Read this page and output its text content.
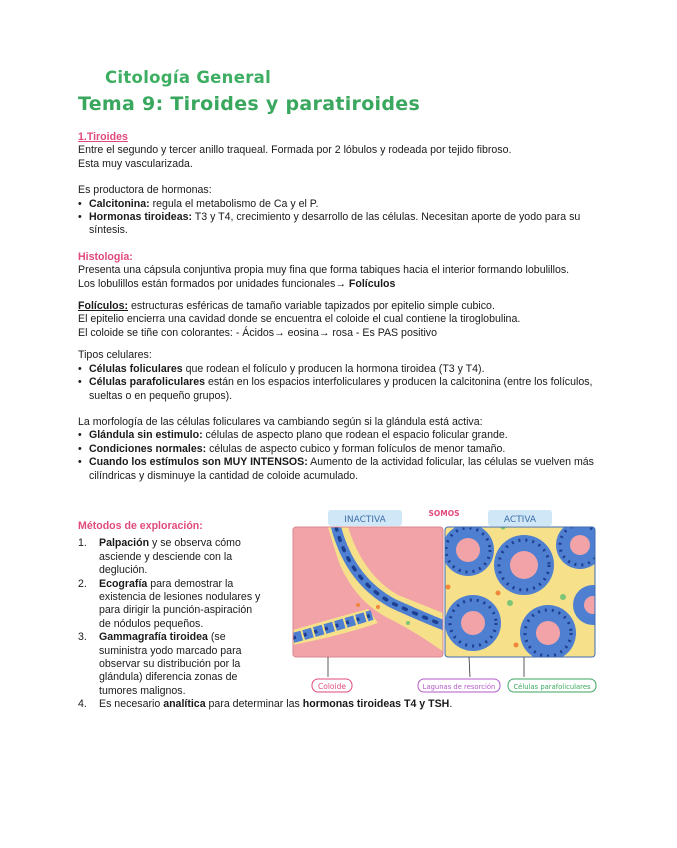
Citología General
Tema 9: Tiroides y paratiroides

1.Tiroides

Entre el segundo y tercer anillo traqueal. Formada por 2 lóbulos y rodeada por tejido fibroso.

Esta muy vascularizada.

Es productora de hormonas:

• Calcitonina: regula el metabolismo de Ca y el P.
• Hormonas tiroideas: T3 y T4, crecimiento y desarrollo de las células. Necesitan aporte de yodo para su síntesis.

Histología:

Presenta una cápsula conjuntiva propia muy fina que forma tabiques hacia el interior formando lobulillos.

Los lobulillos están formados por unidades funcionales→ Folículos

Folículos: estructuras esféricas de tamaño variable tapizados por epitelio simple cubico.

El epitelio encierra una cavidad donde se encuentra el coloide el cual contiene la tiroglobulina.

El coloide se tiñe con colorantes: - Ácidos→ eosina→ rosa - Es PAS positivo

Tipos celulares:

• Células foliculares que rodean el folículo y producen la hormona tiroidea (T3 y T4).
• Células parafoliculares están en los espacios interfoliculares y producen la calcitonina (entre los folículos, sueltas o en pequeño grupos).

La morfología de las células foliculares va cambiando según si la glándula está activa:

• Glándula sin estimulo: células de aspecto plano que rodean el espacio folicular grande.
• Condiciones normales: células de aspecto cubico y forman folículos de menor tamaño.
• Cuando los estímulos son MUY INTENSOS: Aumento de la actividad folicular, las células se vuelven más cilíndricas y disminuye la cantidad de coloide acumulado.

Métodos de exploración:

1. Palpación y se observa cómo asciende y desciende con la deglución.
2. Ecografía para demostrar la existencia de lesiones nodulares y para dirigir la punción-aspiración de nódulos pequeños.
3. Gammagrafía tiroidea (se suministra yodo marcado para observar su distribución por la glándula) diferencia zonas de tumores malignos.
4. Es necesario analítica para determinar las hormonas tiroideas T4 y TSH.
INACTIVA
SOMOS
ACTIVA
Coloide	Lagunas de resorción	Células parafoliculares
